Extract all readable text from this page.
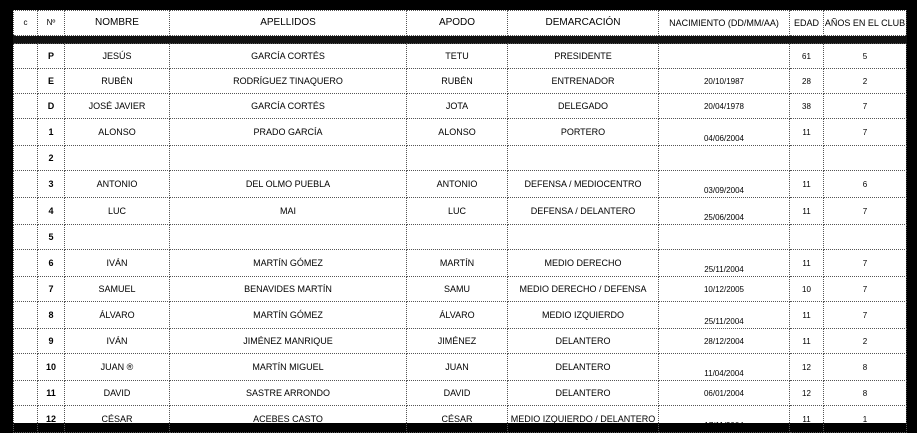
c	Nº	NOMBRE	APELLIDOS	APODO	DEMARCACIÓN	NACIMIENTO (DD/MM/AA)	EDAD	AÑOS EN EL CLUB

	P	JESÚS	GARCÍA CORTÉS	TETU	PRESIDENTE		61	5
	E	RUBÉN	RODRÍGUEZ TINAQUERO	RUBÉN	ENTRENADOR	20/10/1987	28	2
	D	JOSÉ JAVIER	GARCÍA CORTÉS	JOTA	DELEGADO	20/04/1978	38	7
	1	ALONSO	PRADO GARCÍA	ALONSO	PORTERO	04/06/2004	11	7
	2							
	3	ANTONIO	DEL OLMO PUEBLA	ANTONIO	DEFENSA / MEDIOCENTRO	03/09/2004	11	6
	4	LUC	MAI	LUC	DEFENSA / DELANTERO	25/06/2004	11	7
	5							
	6	IVÁN	MARTÍN GÓMEZ	MARTÍN	MEDIO DERECHO	25/11/2004	11	7
	7	SAMUEL	BENAVIDES MARTÍN	SAMU	MEDIO DERECHO / DEFENSA	10/12/2005	10	7
	8	ÁLVARO	MARTÍN GÓMEZ	ÁLVARO	MEDIO IZQUIERDO	25/11/2004	11	7
	9	IVÁN	JIMÉNEZ MANRIQUE	JIMÉNEZ	DELANTERO	28/12/2004	11	2
	10	JUAN ®	MARTÍN MIGUEL	JUAN	DELANTERO	11/04/2004	12	8
	11	DAVID	SASTRE ARRONDO	DAVID	DELANTERO	06/01/2004	12	8
	12	CÉSAR	ACEBES CASTO	CÉSAR	MEDIO IZQUIERDO / DELANTERO	17/11/2004	11	1
